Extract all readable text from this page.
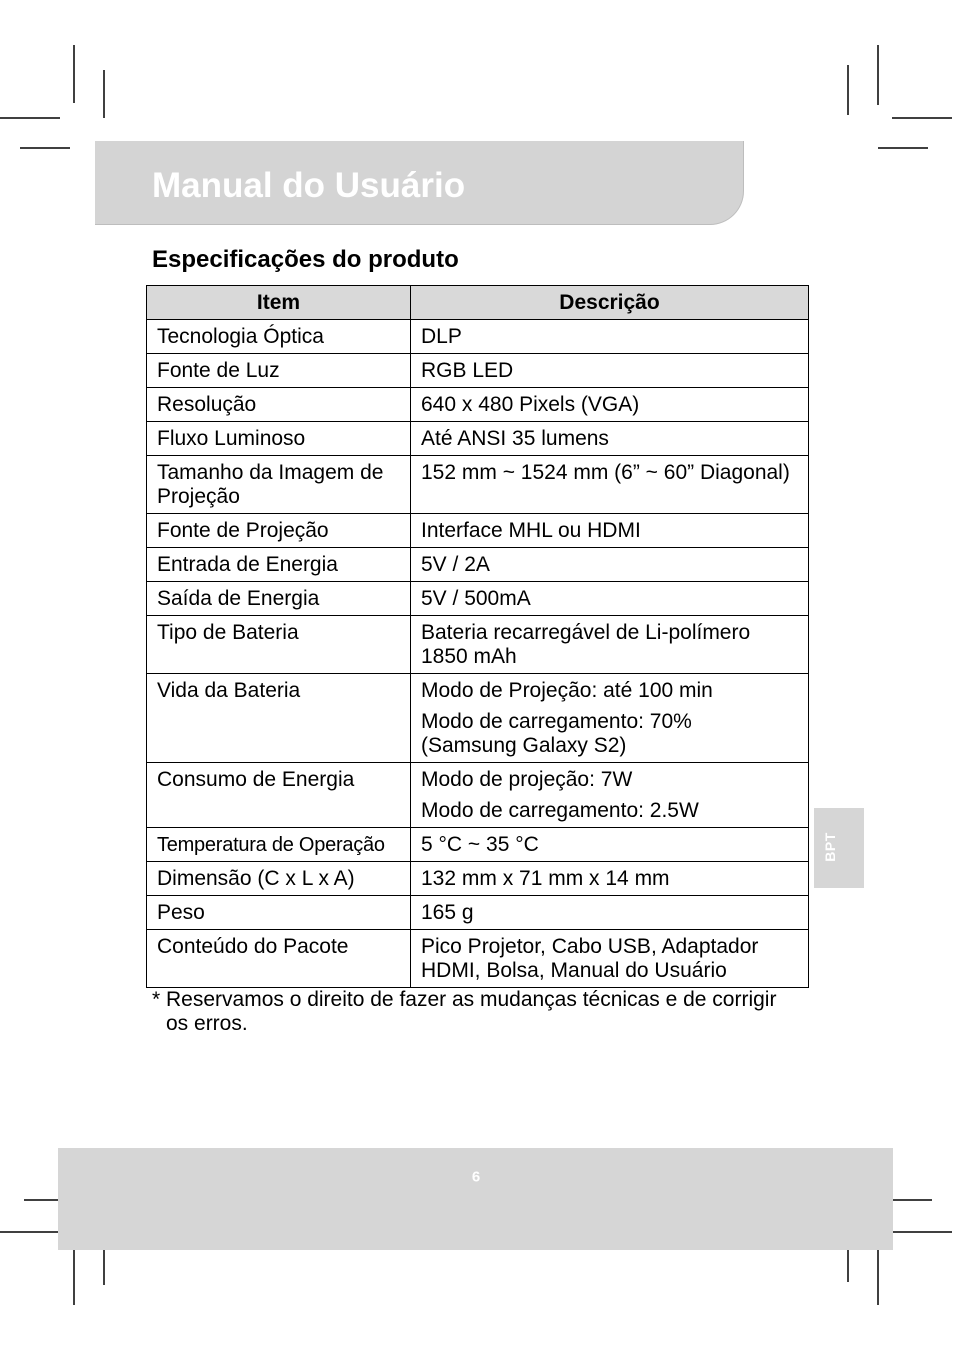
Manual do Usuário
Especificações do produto
Item	Descrição

Tecnologia Óptica	DLP

Fonte de Luz	RGB LED

Resolução	640 x 480 Pixels (VGA)

Fluxo Luminoso	Até ANSI 35 lumens

Tamanho da Imagem de
Projeção	152 mm ~ 1524 mm (6” ~ 60” Diagonal)

Fonte de Projeção	Interface MHL ou HDMI

Entrada de Energia	5V / 2A

Saída de Energia	5V / 500mA

Tipo de Bateria	Bateria recarregável de Li-polímero
1850 mAh

Vida da Bateria	Modo de Projeção: até 100 min
Modo de carregamento: 70%
(Samsung Galaxy S2)

Consumo de Energia	Modo de projeção: 7W
Modo de carregamento: 2.5W

Temperatura de Operação	5 °C ~ 35 °C

Dimensão (C x L x A)	132 mm x 71 mm x 14 mm

Peso	165 g

Conteúdo do Pacote	Pico Projetor, Cabo USB, Adaptador
HDMI, Bolsa, Manual do Usuário
* Reservamos o direito de fazer as mudanças técnicas e de corrigir
os erros.
BPT
6
